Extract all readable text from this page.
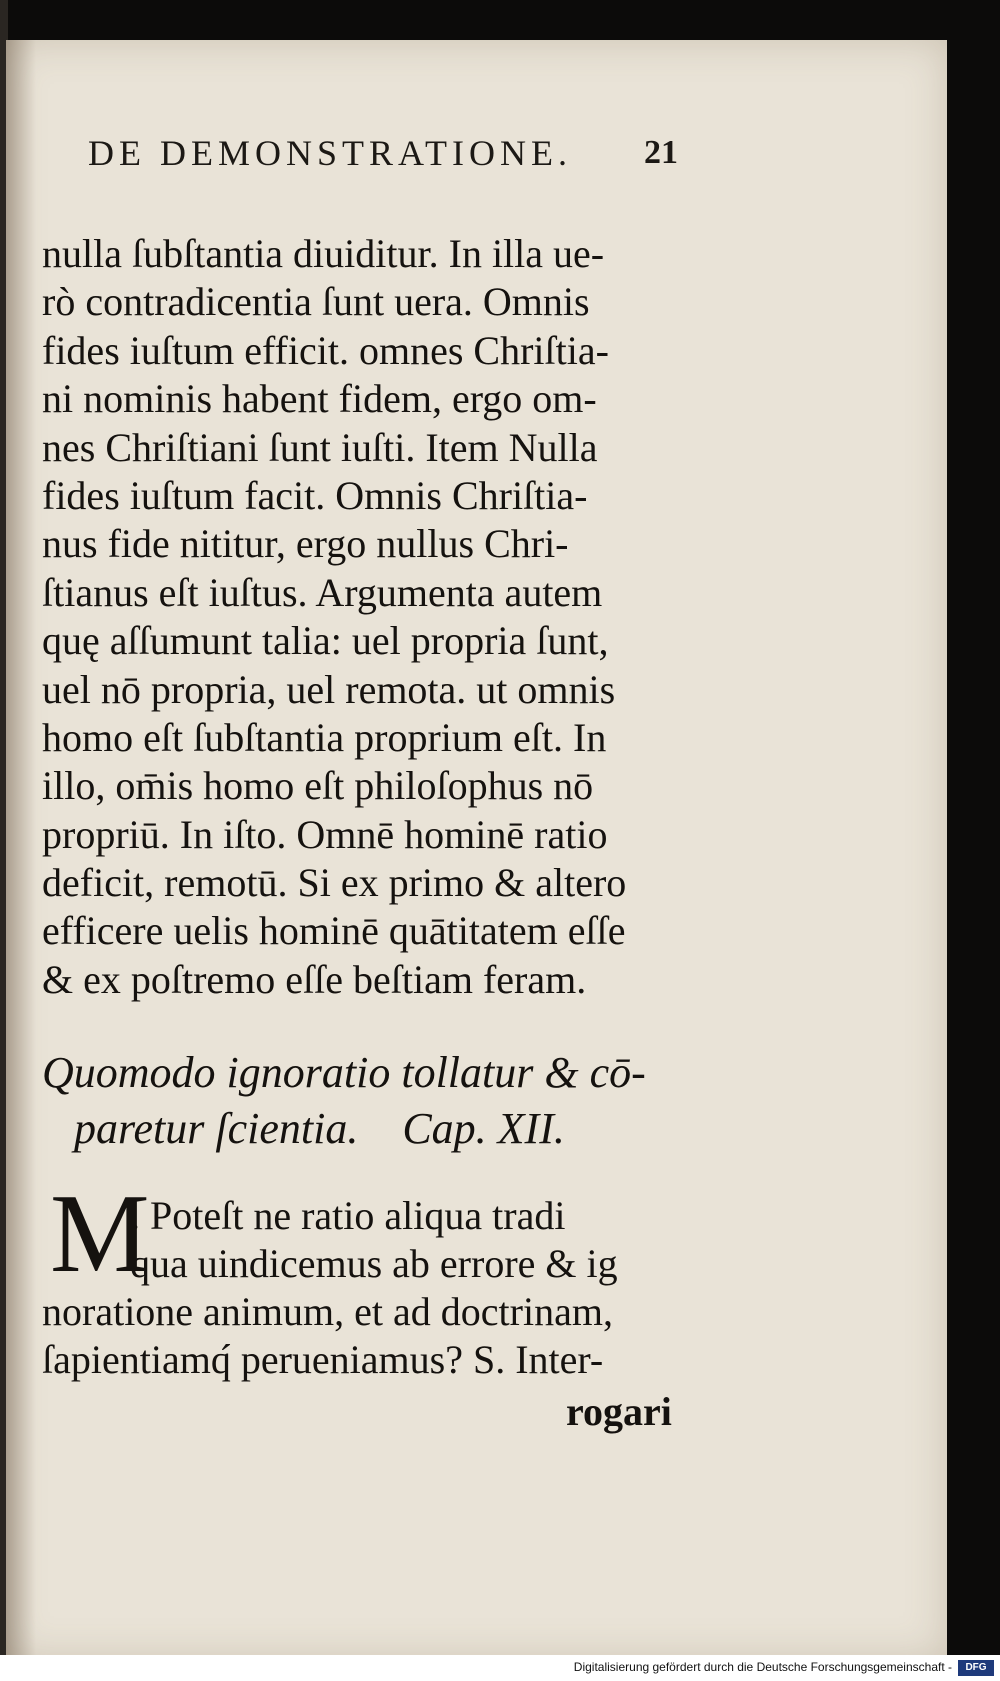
DE DEMONSTRATIONE. 21
nulla ſubſtantia diuiditur. In illa ue-
rò contradicentia ſunt uera. Omnis
fides iuſtum efficit. omnes Chriſtia-
ni nominis habent fidem, ergo om-
nes Chriſtiani ſunt iuſti. Item Nulla
fides iuſtum facit. Omnis Chriſtia-
nus fide nititur, ergo nullus Chri-
ſtianus eſt iuſtus. Argumenta autem
quę aſſumunt talia: uel propria ſunt,
uel nō propria, uel remota. ut omnis
homo eſt ſubſtantia proprium eſt. In
illo, om̄is homo eſt philoſophus nō
propriū. In iſto. Omnē hominē ratio
deficit, remotū. Si ex primo & altero
efficere uelis hominē quātitatem eſſe
& ex poſtremo eſſe beſtiam feram.
Quomodo ignoratio tollatur & cō-
paretur ſcientia. Cap. XII.
M
. Poteſt ne ratio aliqua tradi
qua uindicemus ab errore & ig
noratione animum, et ad doctrinam,
ſapientiamq́ perueniamus? S. Inter-
rogari
Digitalisierung gefördert durch die Deutsche Forschungsgemeinschaft -	DFG
